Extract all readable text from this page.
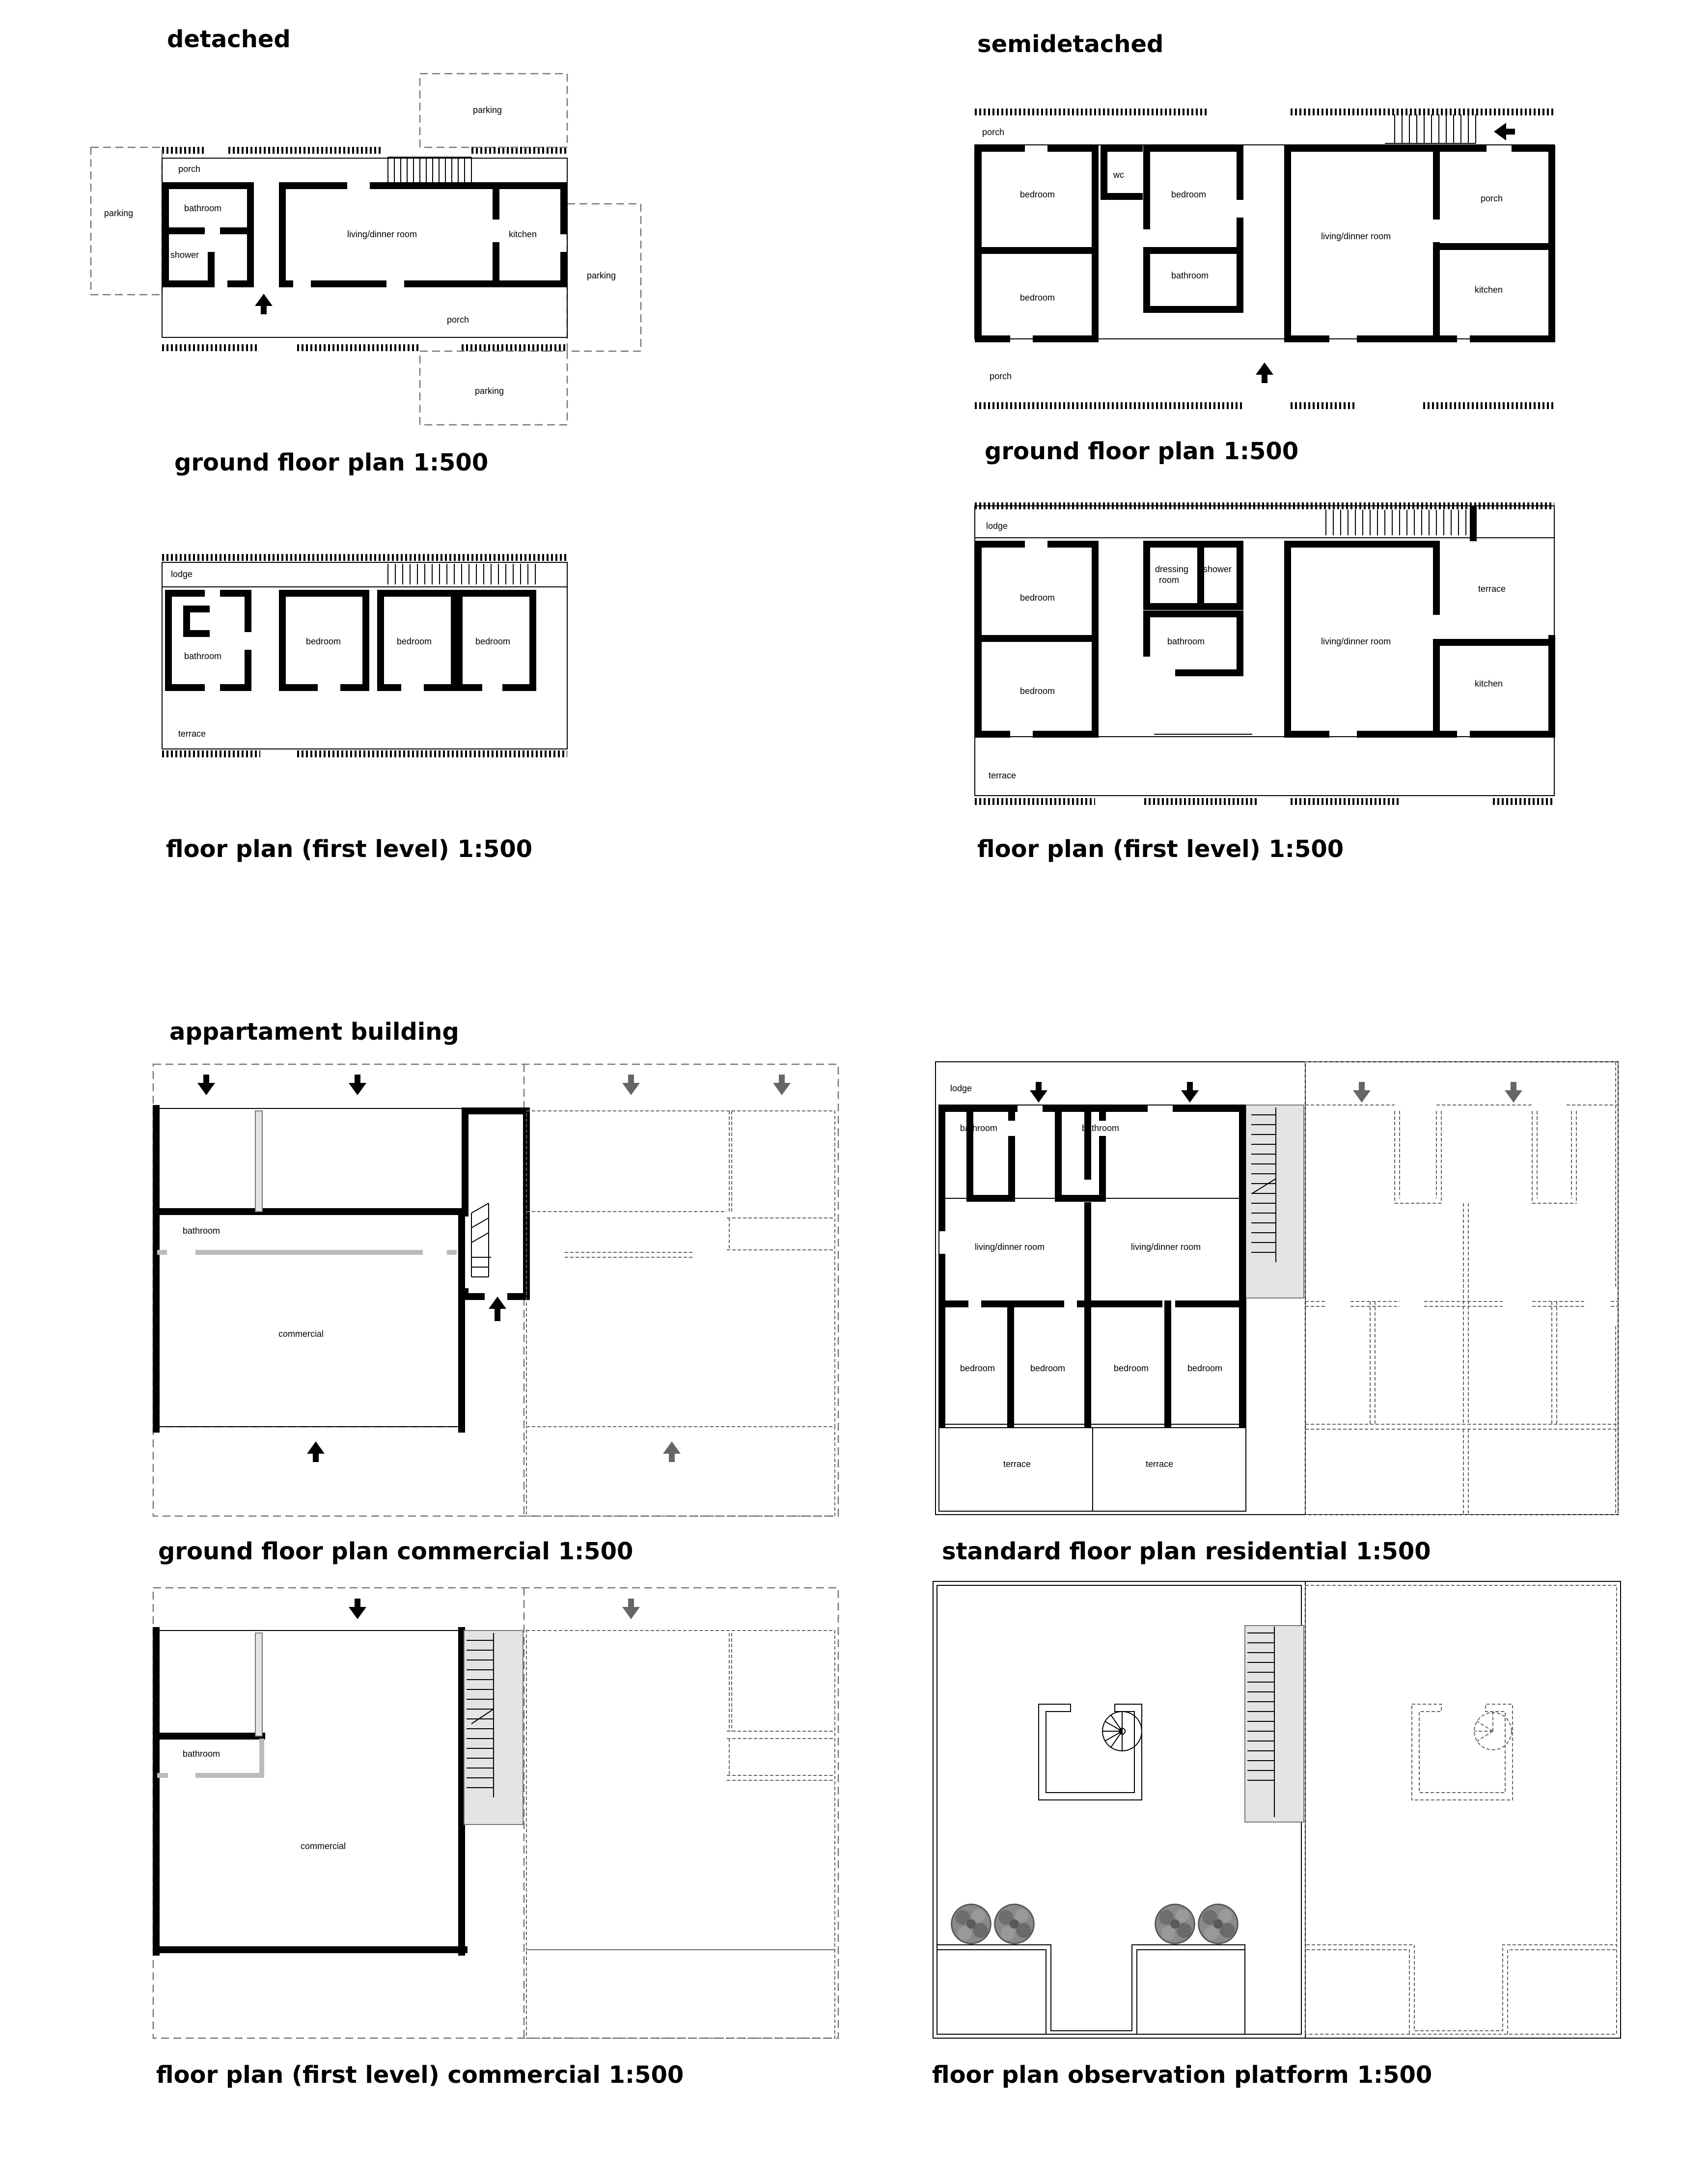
detached	semidetached
ground floor plan 1:500	ground floor plan 1:500
floor plan (first level) 1:500	floor plan (first level) 1:500
appartament building
ground floor plan commercial 1:500	standard floor plan residential 1:500
floor plan (first level) commercial 1:500	floor plan observation platform 1:500
porch
parking
parking
bathroom
shower
living/dinner room	kitchen
parking
porch
parking
lodge
bathroom
bedroom	bedroom	bedroom
terrace
porch
bedroom
wc
bedroom
bedroom
bathroom
living/dinner room
porch
kitchen
porch
lodge
bedroom
dressing
room
shower
bedroom
bathroom	living/dinner room
terrace
kitchen
terrace
bathroom
commercial
bathroom
commercial
lodge
bathroom	bathroom
living/dinner room	living/dinner room
bedroom	bedroom	bedroom	bedroom
terrace	terrace
